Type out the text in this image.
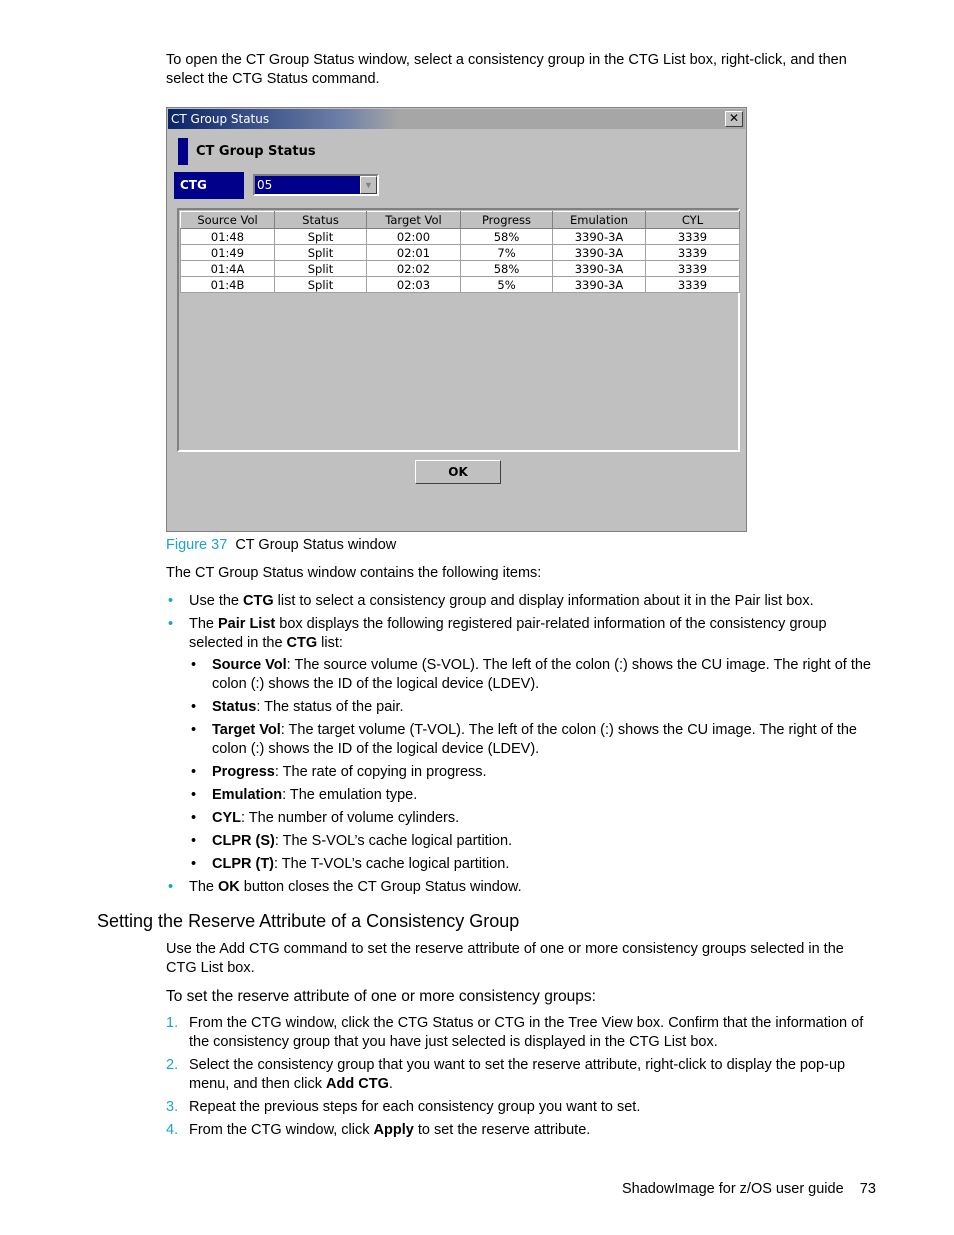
To open the CT Group Status window, select a consistency group in the CTG List box, right-click, and then select the CTG Status command.
CT Group Status	✕
CT Group Status
CTG	05	▼
Source Vol	Status	Target Vol	Progress	Emulation	CYL
01:48	Split	02:00	58%	3390-3A	3339
01:49	Split	02:01	7%	3390-3A	3339
01:4A	Split	02:02	58%	3390-3A	3339
01:4B	Split	02:03	5%	3390-3A	3339
OK
Figure 37 CT Group Status window
The CT Group Status window contains the following items:
• Use the CTG list to select a consistency group and display information about it in the Pair list box.
• The Pair List box displays the following registered pair-related information of the consistency group selected in the CTG list:
• Source Vol: The source volume (S-VOL). The left of the colon (:) shows the CU image. The right of the colon (:) shows the ID of the logical device (LDEV).
• Status: The status of the pair.
• Target Vol: The target volume (T-VOL). The left of the colon (:) shows the CU image. The right of the colon (:) shows the ID of the logical device (LDEV).
• Progress: The rate of copying in progress.
• Emulation: The emulation type.
• CYL: The number of volume cylinders.
• CLPR (S): The S-VOL’s cache logical partition.
• CLPR (T): The T-VOL’s cache logical partition.
• The OK button closes the CT Group Status window.
Setting the Reserve Attribute of a Consistency Group
Use the Add CTG command to set the reserve attribute of one or more consistency groups selected in the CTG List box.
To set the reserve attribute of one or more consistency groups:
1. From the CTG window, click the CTG Status or CTG in the Tree View box. Confirm that the information of the consistency group that you have just selected is displayed in the CTG List box.
2. Select the consistency group that you want to set the reserve attribute, right-click to display the pop-up menu, and then click Add CTG.
3. Repeat the previous steps for each consistency group you want to set.
4. From the CTG window, click Apply to set the reserve attribute.
ShadowImage for z/OS user guide 73
